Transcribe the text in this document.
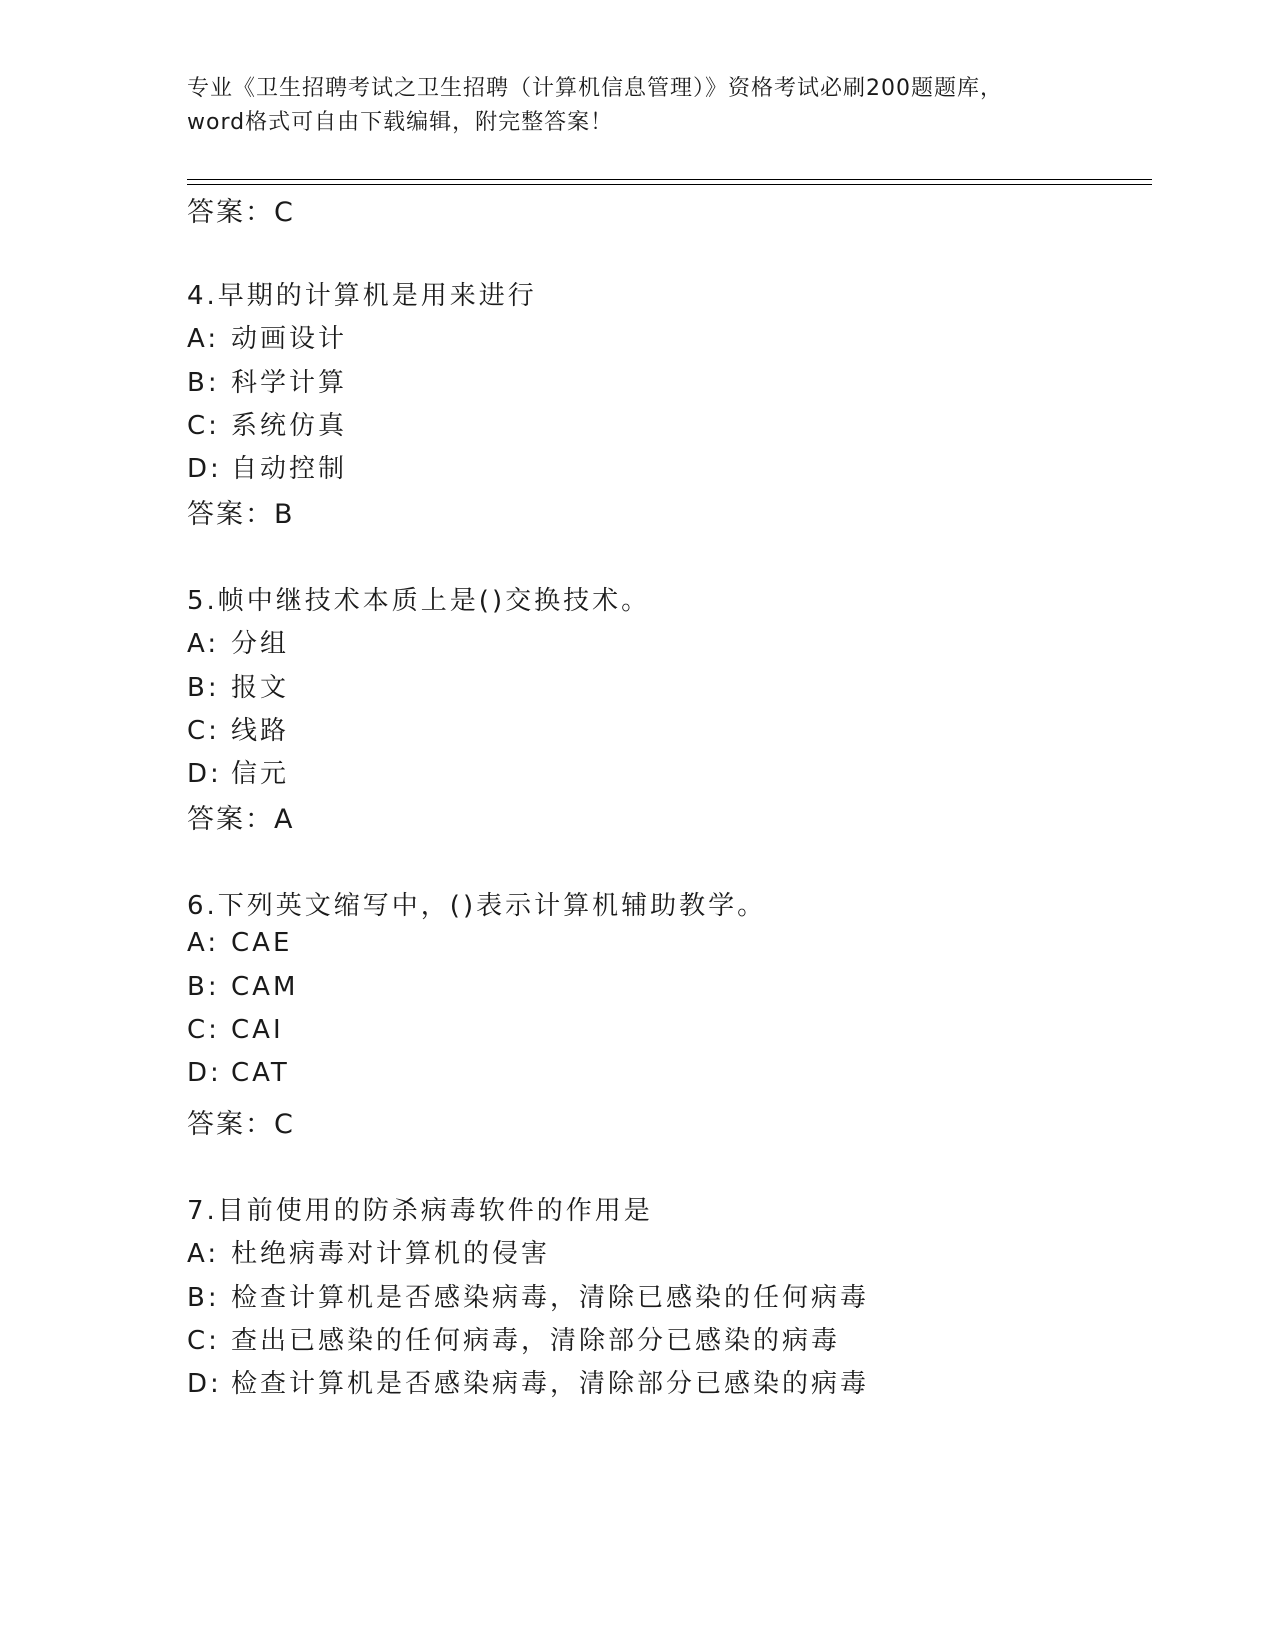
专业《卫生招聘考试之卫生招聘（计算机信息管理）》资格考试必刷200题题库，
word格式可自由下载编辑，附完整答案！
答案：C
4.早期的计算机是用来进行
A: 动画设计
B: 科学计算
C: 系统仿真
D: 自动控制
答案：B
5.帧中继技术本质上是()交换技术。
A: 分组
B: 报文
C: 线路
D: 信元
答案：A
6.下列英文缩写中，()表示计算机辅助教学。
A: CAE
B: CAM
C: CAI
D: CAT
答案：C
7.目前使用的防杀病毒软件的作用是
A: 杜绝病毒对计算机的侵害
B: 检查计算机是否感染病毒，清除已感染的任何病毒
C: 查出已感染的任何病毒，清除部分已感染的病毒
D: 检查计算机是否感染病毒，清除部分已感染的病毒
